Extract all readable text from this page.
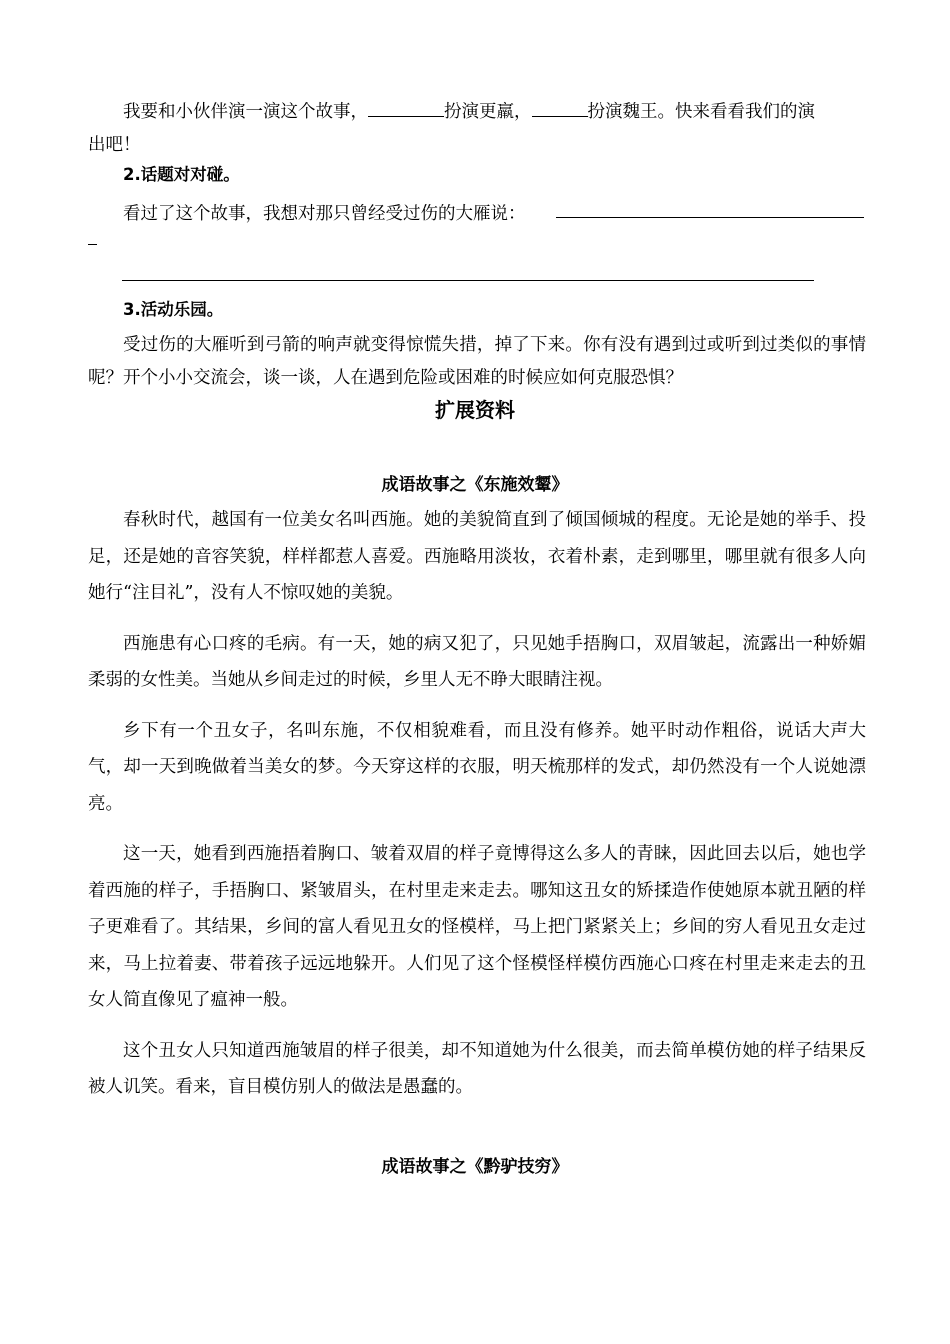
我要和小伙伴演一演这个故事，	扮演更羸，	扮演魏王。快来看看我们的演
出吧！

2.话题对对碰。

看过了这个故事，我想对那只曾经受过伤的大雁说：

3.活动乐园。

受过伤的大雁听到弓箭的响声就变得惊慌失措，掉了下来。你有没有遇到过或听到过类似的事情呢？开个小小交流会，谈一谈，人在遇到危险或困难的时候应如何克服恐惧？

扩展资料

成语故事之《东施效颦》

春秋时代，越国有一位美女名叫西施。她的美貌简直到了倾国倾城的程度。无论是她的举手、投足，还是她的音容笑貌，样样都惹人喜爱。西施略用淡妆，衣着朴素，走到哪里，哪里就有很多人向她行“注目礼”，没有人不惊叹她的美貌。

西施患有心口疼的毛病。有一天，她的病又犯了，只见她手捂胸口，双眉皱起，流露出一种娇媚柔弱的女性美。当她从乡间走过的时候，乡里人无不睁大眼睛注视。

乡下有一个丑女子，名叫东施，不仅相貌难看，而且没有修养。她平时动作粗俗，说话大声大气，却一天到晚做着当美女的梦。今天穿这样的衣服，明天梳那样的发式，却仍然没有一个人说她漂亮。

这一天，她看到西施捂着胸口、皱着双眉的样子竟博得这么多人的青睐，因此回去以后，她也学着西施的样子，手捂胸口、紧皱眉头，在村里走来走去。哪知这丑女的矫揉造作使她原本就丑陋的样子更难看了。其结果，乡间的富人看见丑女的怪模样，马上把门紧紧关上；乡间的穷人看见丑女走过来，马上拉着妻、带着孩子远远地躲开。人们见了这个怪模怪样模仿西施心口疼在村里走来走去的丑女人简直像见了瘟神一般。

这个丑女人只知道西施皱眉的样子很美，却不知道她为什么很美，而去简单模仿她的样子结果反被人讥笑。看来，盲目模仿别人的做法是愚蠢的。

成语故事之《黔驴技穷》
